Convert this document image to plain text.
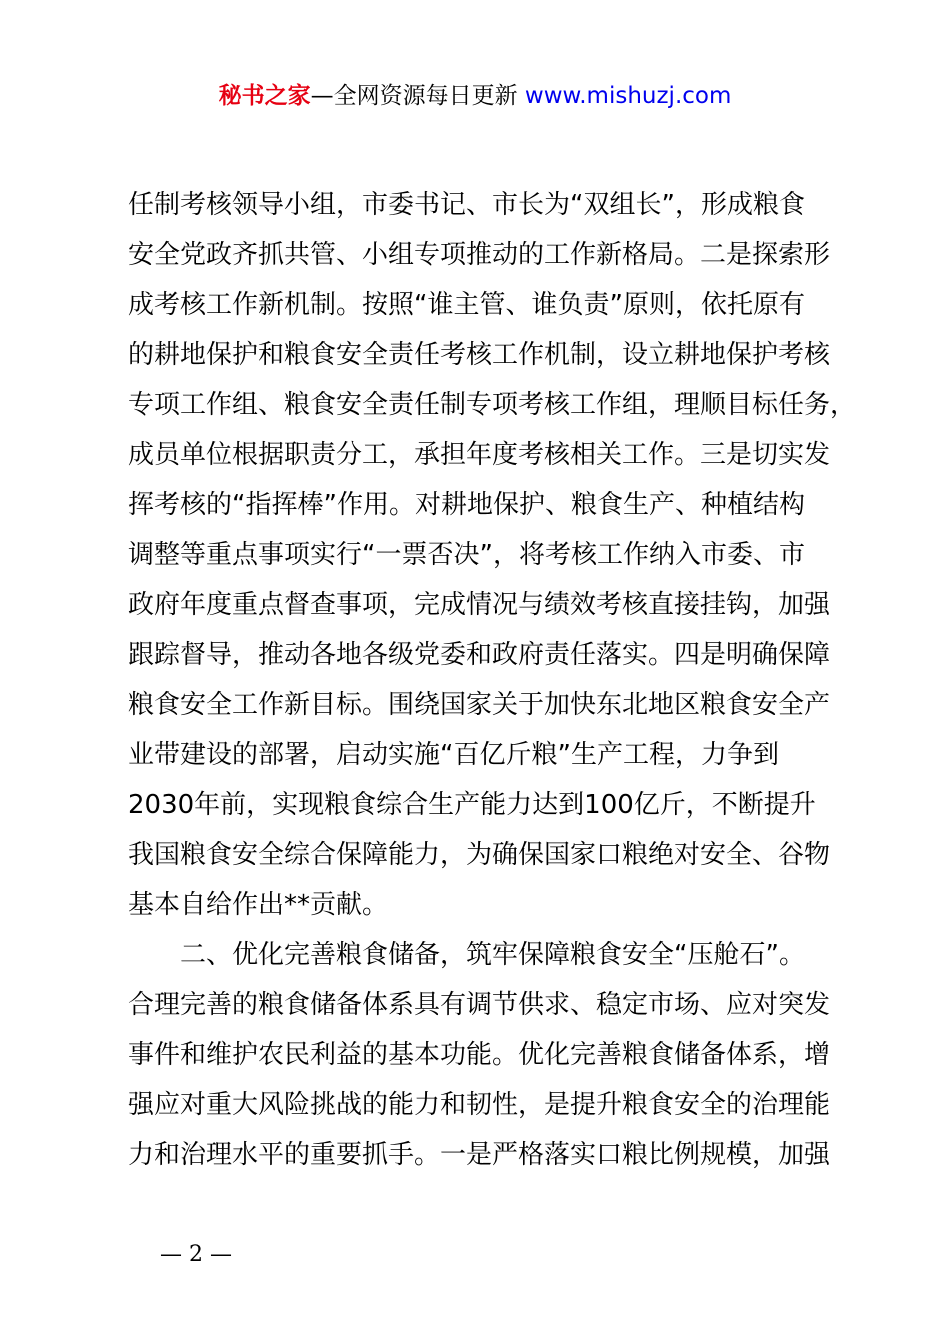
秘书之家—全网资源每日更新 www.mishuzj.com
任制考核领导小组，市委书记、市长为“双组长”，形成粮食
安全党政齐抓共管、小组专项推动的工作新格局。二是探索形
成考核工作新机制。按照“谁主管、谁负责”原则，依托原有
的耕地保护和粮食安全责任考核工作机制，设立耕地保护考核
专项工作组、粮食安全责任制专项考核工作组，理顺目标任务，
成员单位根据职责分工，承担年度考核相关工作。三是切实发
挥考核的“指挥棒”作用。对耕地保护、粮食生产、种植结构
调整等重点事项实行“一票否决”，将考核工作纳入市委、市
政府年度重点督查事项，完成情况与绩效考核直接挂钩，加强
跟踪督导，推动各地各级党委和政府责任落实。四是明确保障
粮食安全工作新目标。围绕国家关于加快东北地区粮食安全产
业带建设的部署，启动实施“百亿斤粮”生产工程，力争到
2030年前，实现粮食综合生产能力达到100亿斤，不断提升
我国粮食安全综合保障能力，为确保国家口粮绝对安全、谷物
基本自给作出**贡献。
二、优化完善粮食储备，筑牢保障粮食安全“压舱石”。
合理完善的粮食储备体系具有调节供求、稳定市场、应对突发
事件和维护农民利益的基本功能。优化完善粮食储备体系，增
强应对重大风险挑战的能力和韧性，是提升粮食安全的治理能
力和治理水平的重要抓手。一是严格落实口粮比例规模，加强
— 2 —
